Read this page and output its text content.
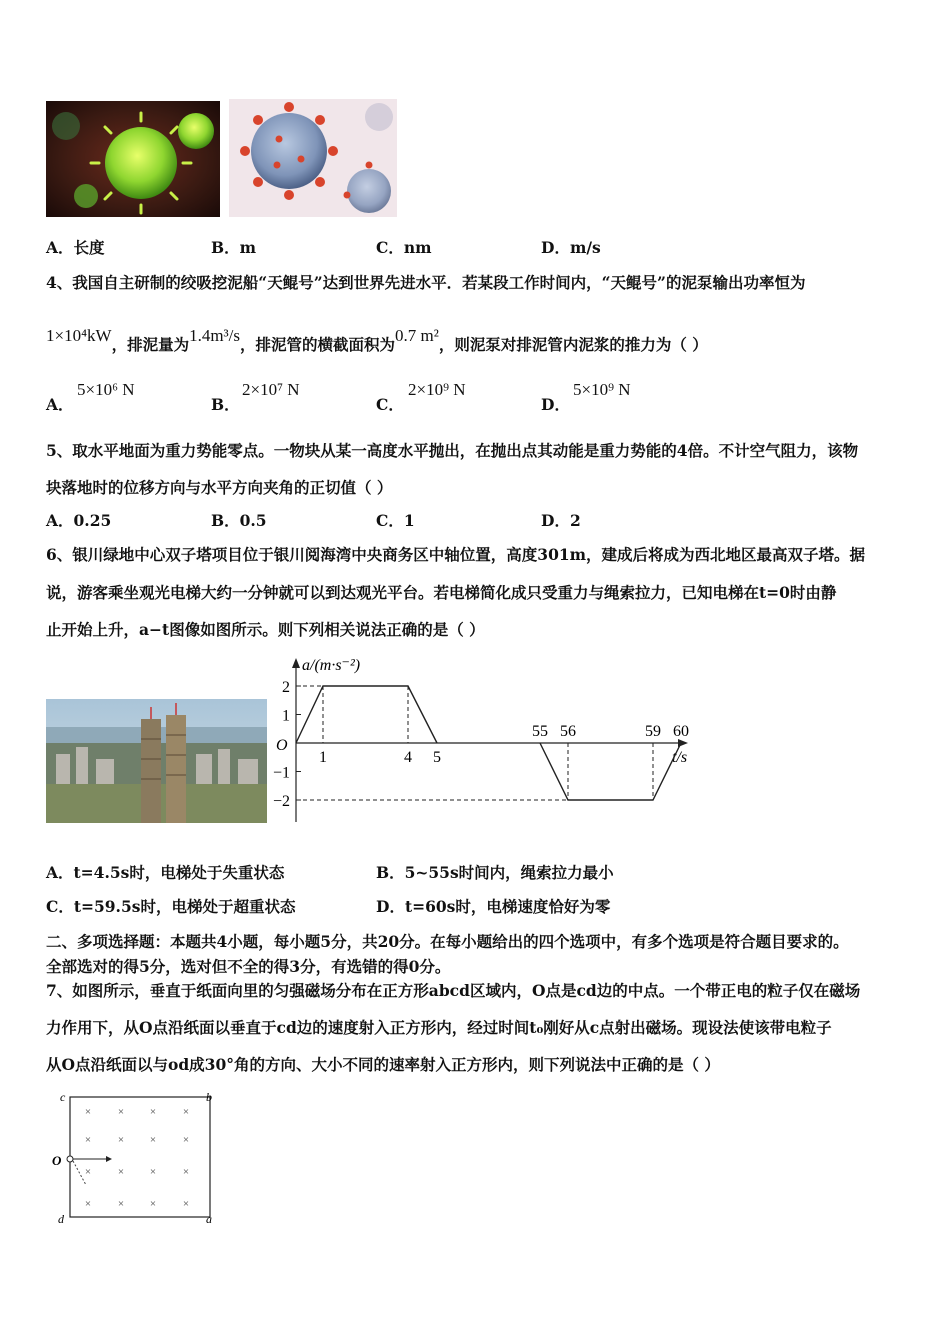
A．长度	B．m	C．nm	D．m/s
4、我国自主研制的绞吸挖泥船“天鲲号”达到世界先进水平．若某段工作时间内，“天鲲号”的泥泵输出功率恒为
1×10⁴kW，排泥量为1.4m³/s，排泥管的横截面积为0.7 m²，则泥泵对排泥管内泥浆的推力为（ ）
A．
5×10⁶ N
B．
2×10⁷ N
C．
2×10⁹ N
D．
5×10⁹ N
5、取水平地面为重力势能零点。一物块从某一高度水平抛出，在抛出点其动能是重力势能的4倍。不计空气阻力，该物
块落地时的位移方向与水平方向夹角的正切值（ ）
A．0.25	B．0.5	C．1	D．2
6、银川绿地中心双子塔项目位于银川阅海湾中央商务区中轴位置，高度301m，建成后将成为西北地区最高双子塔。据
说，游客乘坐观光电梯大约一分钟就可以到达观光平台。若电梯简化成只受重力与绳索拉力，已知电梯在t=0时由静
止开始上升，a−t图像如图所示。则下列相关说法正确的是（ ）
a/(m·s⁻²)
t/s
O
2
1
−1
−2
1	4 5
55 56	59 60
A．t=4.5s时，电梯处于失重状态	B．5~55s时间内，绳索拉力最小
C．t=59.5s时，电梯处于超重状态	D．t=60s时，电梯速度恰好为零
二、多项选择题：本题共4小题，每小题5分，共20分。在每小题给出的四个选项中，有多个选项是符合题目要求的。
全部选对的得5分，选对但不全的得3分，有选错的得0分。
7、如图所示，垂直于纸面向里的匀强磁场分布在正方形abcd区域内，O点是cd边的中点。一个带正电的粒子仅在磁场
力作用下，从O点沿纸面以垂直于cd边的速度射入正方形内，经过时间t₀刚好从c点射出磁场。现设法使该带电粒子
从O点沿纸面以与od成30°角的方向、大小不同的速率射入正方形内，则下列说法中正确的是（ ）
× × × ×
× × × ×
× × × ×
× × × ×
c	b
O
d	a
